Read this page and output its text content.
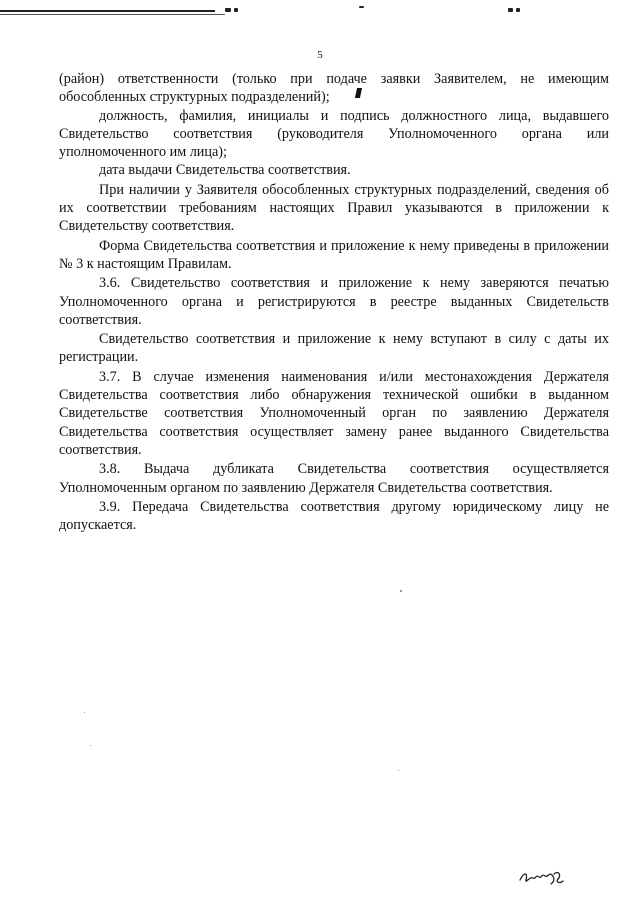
5

(район) ответственности (только при подаче заявки Заявителем, не имеющим обособленных структурных подразделений);

должность, фамилия, инициалы и подпись должностного лица, выдавшего Свидетельство соответствия (руководителя Уполномоченного органа или уполномоченного им лица);

дата выдачи Свидетельства соответствия.

При наличии у Заявителя обособленных структурных подразделений, сведения об их соответствии требованиям настоящих Правил указываются в приложении к Свидетельству соответствия.

Форма Свидетельства соответствия и приложение к нему приведены в приложении № 3 к настоящим Правилам.

3.6. Свидетельство соответствия и приложение к нему заверяются печатью Уполномоченного органа и регистрируются в реестре выданных Свидетельств соответствия.

Свидетельство соответствия и приложение к нему вступают в силу с даты их регистрации.

3.7. В случае изменения наименования и/или местонахождения Держателя Свидетельства соответствия либо обнаружения технической ошибки в выданном Свидетельстве соответствия Уполномоченный орган по заявлению Держателя Свидетельства соответствия осуществляет замену ранее выданного Свидетельства соответствия.

3.8. Выдача дубликата Свидетельства соответствия осуществляется Уполномоченным органом по заявлению Держателя Свидетельства соответствия.

3.9. Передача Свидетельства соответствия другому юридическому лицу не допускается.
